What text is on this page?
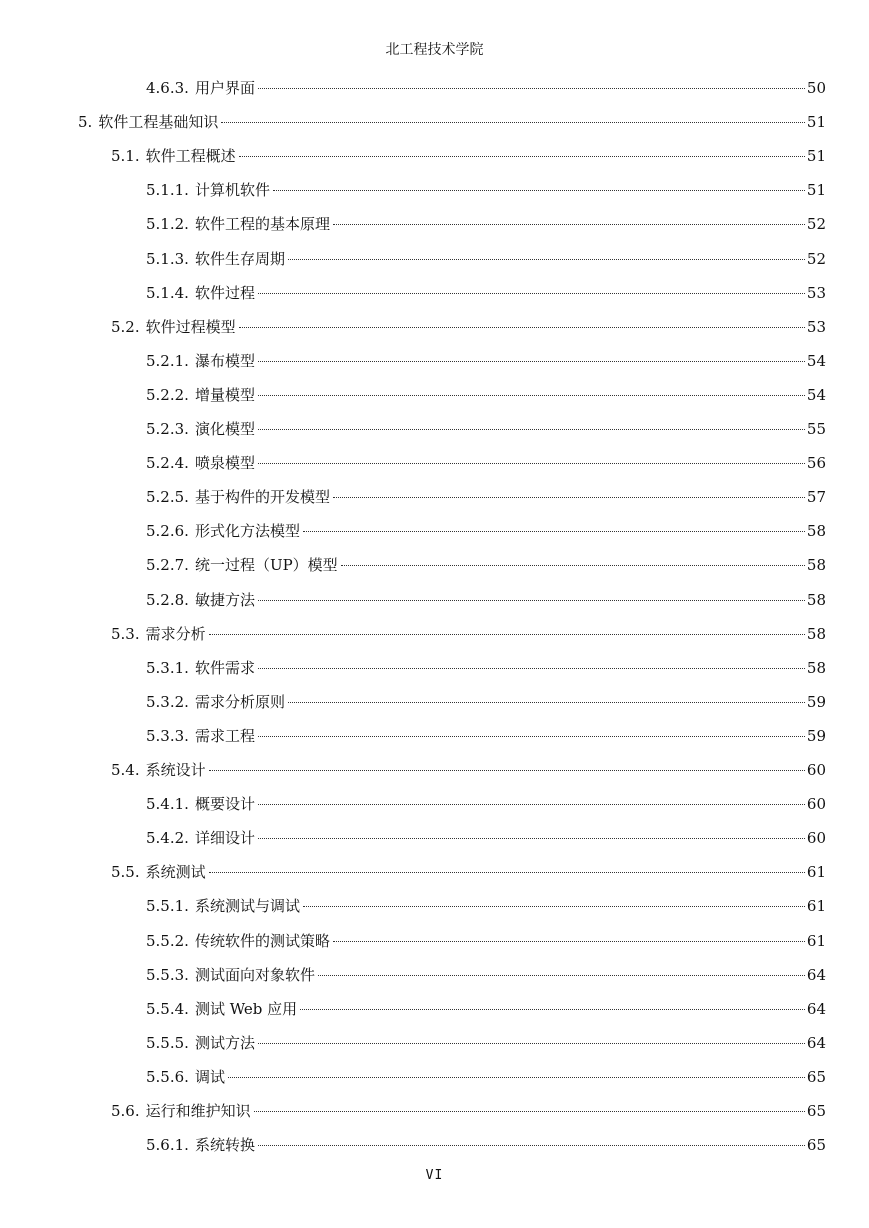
北工程技术学院
4.6.3. 用户界面	50
5. 软件工程基础知识	51
5.1. 软件工程概述	51
5.1.1. 计算机软件	51
5.1.2. 软件工程的基本原理	52
5.1.3. 软件生存周期	52
5.1.4. 软件过程	53
5.2. 软件过程模型	53
5.2.1. 瀑布模型	54
5.2.2. 增量模型	54
5.2.3. 演化模型	55
5.2.4. 喷泉模型	56
5.2.5. 基于构件的开发模型	57
5.2.6. 形式化方法模型	58
5.2.7. 统一过程（UP）模型	58
5.2.8. 敏捷方法	58
5.3. 需求分析	58
5.3.1. 软件需求	58
5.3.2. 需求分析原则	59
5.3.3. 需求工程	59
5.4. 系统设计	60
5.4.1. 概要设计	60
5.4.2. 详细设计	60
5.5. 系统测试	61
5.5.1. 系统测试与调试	61
5.5.2. 传统软件的测试策略	61
5.5.3. 测试面向对象软件	64
5.5.4. 测试 Web 应用	64
5.5.5. 测试方法	64
5.5.6. 调试	65
5.6. 运行和维护知识	65
5.6.1. 系统转换	65
VI
